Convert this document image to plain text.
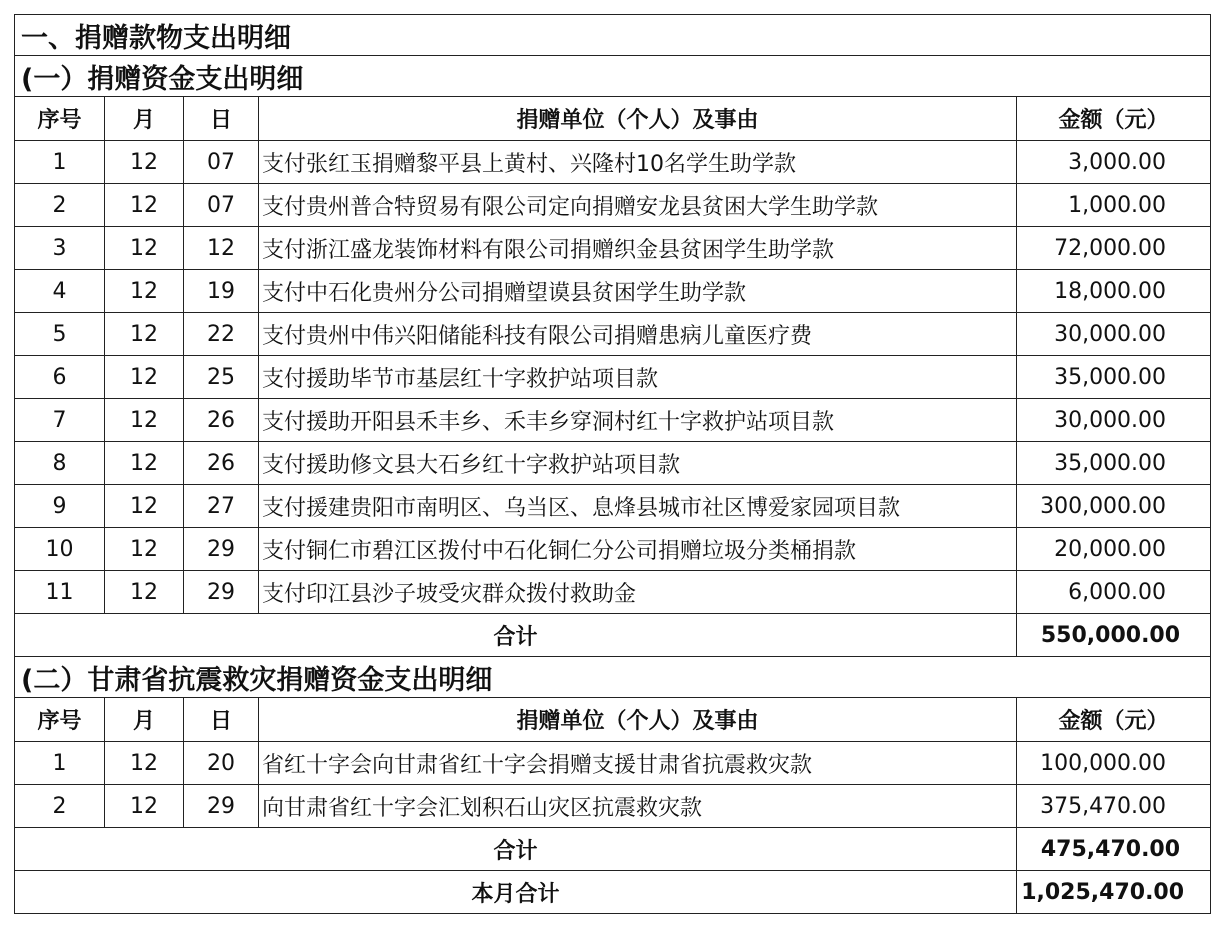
一、捐赠款物支出明细				
(一）捐赠资金支出明细				
序号	月	日	捐赠单位（个人）及事由	金额（元）
1	12	07	支付张红玉捐赠黎平县上黄村、兴隆村10名学生助学款	3,000.00
2	12	07	支付贵州普合特贸易有限公司定向捐赠安龙县贫困大学生助学款	1,000.00
3	12	12	支付浙江盛龙装饰材料有限公司捐赠织金县贫困学生助学款	72,000.00
4	12	19	支付中石化贵州分公司捐赠望谟县贫困学生助学款	18,000.00
5	12	22	支付贵州中伟兴阳储能科技有限公司捐赠患病儿童医疗费	30,000.00
6	12	25	支付援助毕节市基层红十字救护站项目款	35,000.00
7	12	26	支付援助开阳县禾丰乡、禾丰乡穿洞村红十字救护站项目款	30,000.00
8	12	26	支付援助修文县大石乡红十字救护站项目款	35,000.00
9	12	27	支付援建贵阳市南明区、乌当区、息烽县城市社区博爱家园项目款	300,000.00
10	12	29	支付铜仁市碧江区拨付中石化铜仁分公司捐赠垃圾分类桶捐款	20,000.00
11	12	29	支付印江县沙子坡受灾群众拨付救助金	6,000.00
合计				550,000.00
(二）甘肃省抗震救灾捐赠资金支出明细				
序号	月	日	捐赠单位（个人）及事由	金额（元）
1	12	20	省红十字会向甘肃省红十字会捐赠支援甘肃省抗震救灾款	100,000.00
2	12	29	向甘肃省红十字会汇划积石山灾区抗震救灾款	375,470.00
合计				475,470.00
本月合计				1,025,470.00
